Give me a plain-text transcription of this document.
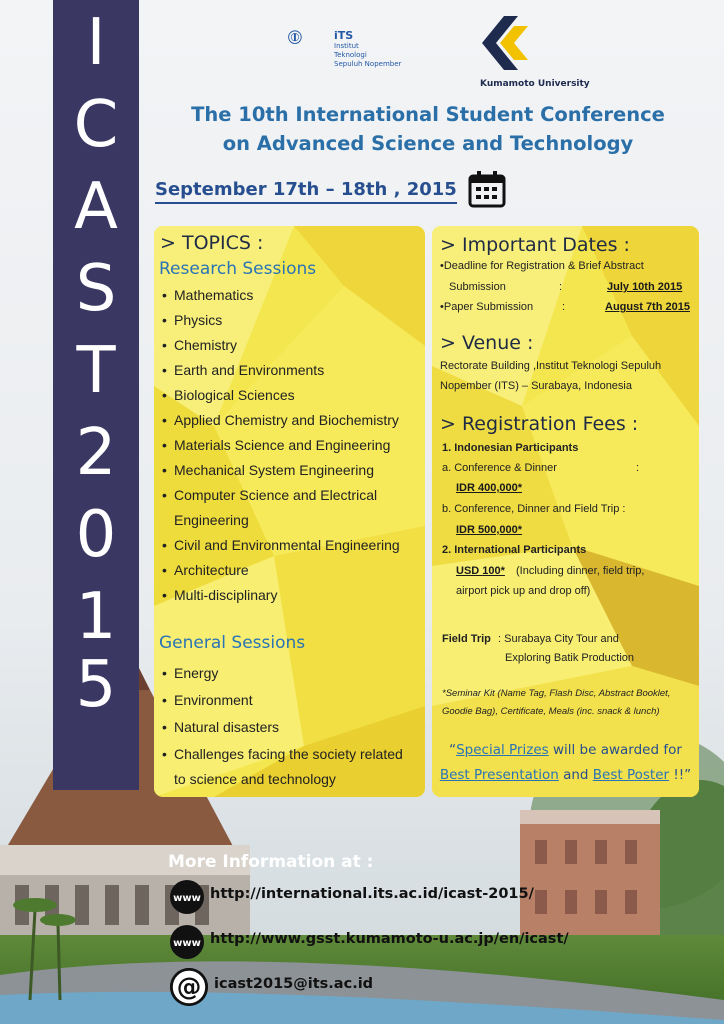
I
C
A
S
T
2
0
1
5
iTS
Institut
Teknologi
Sepuluh Nopember
Kumamoto University
The 10th International Student Conference
on Advanced Science and Technology
September 17th – 18th , 2015
> TOPICS :
Research Sessions
• Mathematics
• Physics
• Chemistry
• Earth and Environments
• Biological Sciences
• Applied Chemistry and Biochemistry
• Materials Science and Engineering
• Mechanical System Engineering
• Computer Science and Electrical
Engineering
• Civil and Environmental Engineering
• Architecture
• Multi-disciplinary
General Sessions
• Energy
• Environment
• Natural disasters
• Challenges facing the society related
to science and technology
> Important Dates :
•Deadline for Registration & Brief Abstract
Submission	:	July 10th 2015
•Paper Submission	:	August 7th 2015
> Venue :
Rectorate Building ,Institut Teknologi Sepuluh
Nopember (ITS) – Surabaya, Indonesia
> Registration Fees :
1. Indonesian Participants
a. Conference & Dinner	:
IDR 400,000*
b. Conference, Dinner and Field Trip :
IDR 500,000*
2. International Participants
USD 100* (Including dinner, field trip,
airport pick up and drop off)
Field Trip : Surabaya City Tour and
Exploring Batik Production
*Seminar Kit (Name Tag, Flash Disc, Abstract Booklet,
Goodie Bag), Certificate, Meals (inc. snack & lunch)
“Special Prizes will be awarded for
Best Presentation and Best Poster !!”
More Information at :
www http://international.its.ac.id/icast-2015/
www http://www.gsst.kumamoto-u.ac.jp/en/icast/
@ icast2015@its.ac.id
